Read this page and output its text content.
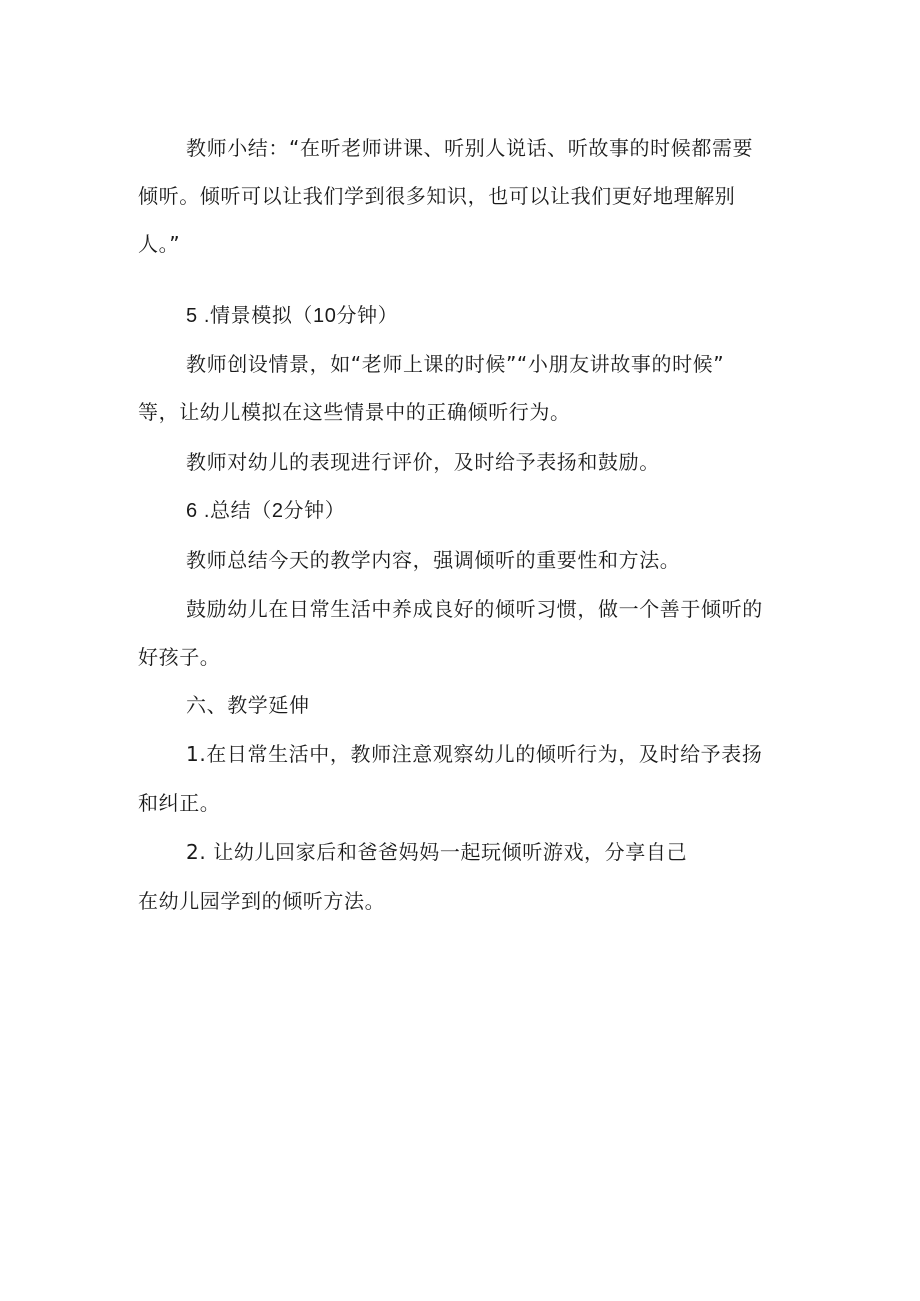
教师小结：“在听老师讲课、听别人说话、听故事的时候都需要
倾听。倾听可以让我们学到很多知识，也可以让我们更好地理解别
人。”
5 .情景模拟（10分钟）
教师创设情景，如“老师上课的时候”“小朋友讲故事的时候”
等，让幼儿模拟在这些情景中的正确倾听行为。
教师对幼儿的表现进行评价，及时给予表扬和鼓励。
6 .总结（2分钟）
教师总结今天的教学内容，强调倾听的重要性和方法。
鼓励幼儿在日常生活中养成良好的倾听习惯，做一个善于倾听的
好孩子。
六、教学延伸
1.在日常生活中，教师注意观察幼儿的倾听行为，及时给予表扬
和纠正。
2. 让幼儿回家后和爸爸妈妈一起玩倾听游戏，分享自己
在幼儿园学到的倾听方法。
